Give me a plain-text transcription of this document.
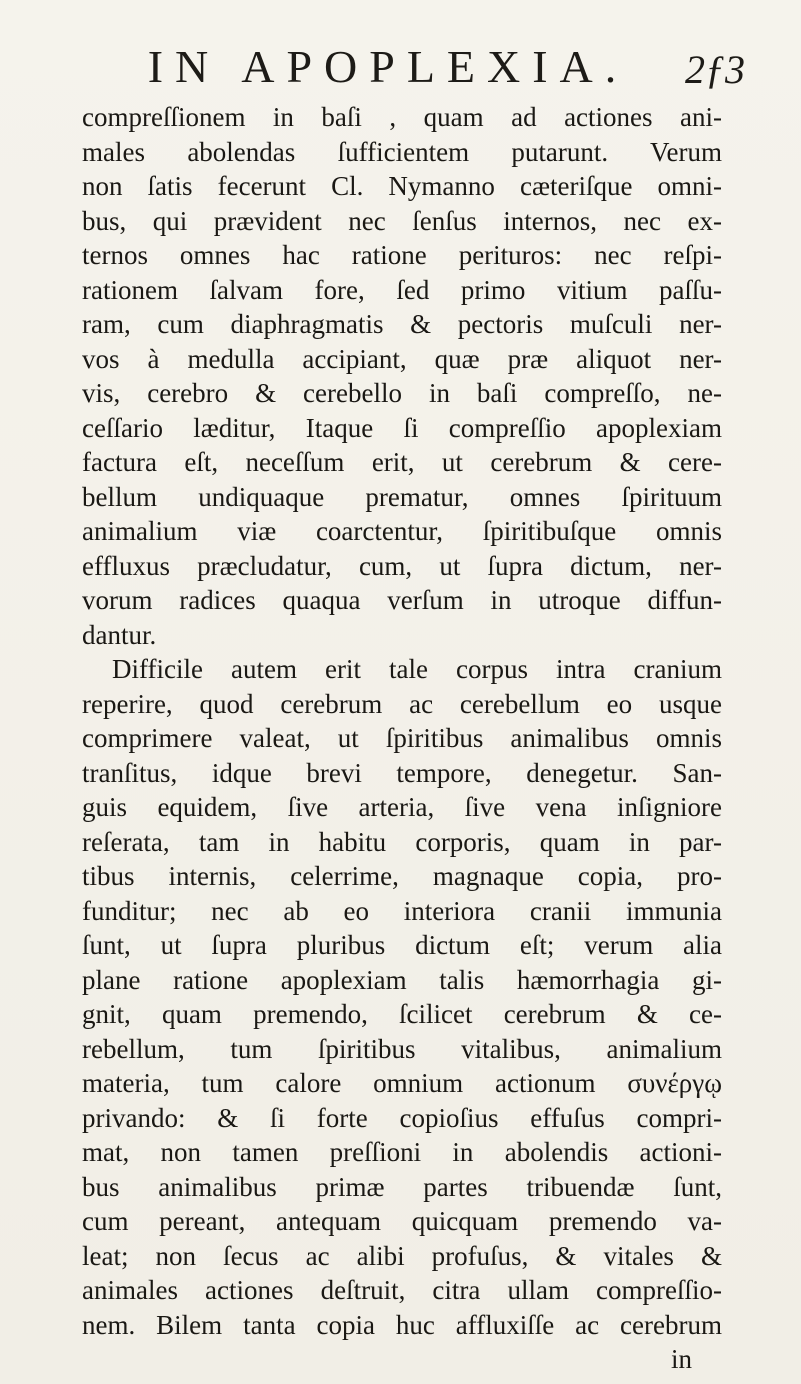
IN APOPLEXIA.	2ƒ3
compreſſionem in baſi , quam ad actiones ani-
males abolendas ſufficientem putarunt. Verum
non ſatis fecerunt Cl. Nymanno cæteriſque omni-
bus, qui prævident nec ſenſus internos, nec ex-
ternos omnes hac ratione perituros: nec reſpi-
rationem ſalvam fore, ſed primo vitium paſſu-
ram, cum diaphragmatis & pectoris muſculi ner-
vos à medulla accipiant, quæ præ aliquot ner-
vis, cerebro & cerebello in baſi compreſſo, ne-
ceſſario læditur, Itaque ſi compreſſio apoplexiam
factura eſt, neceſſum erit, ut cerebrum & cere-
bellum undiquaque prematur, omnes ſpirituum
animalium viæ coarctentur, ſpiritibuſque omnis
effluxus præcludatur, cum, ut ſupra dictum, ner-
vorum radices quaqua verſum in utroque diffun-
dantur.
Difficile autem erit tale corpus intra cranium
reperire, quod cerebrum ac cerebellum eo usque
comprimere valeat, ut ſpiritibus animalibus omnis
tranſitus, idque brevi tempore, denegetur. San-
guis equidem, ſive arteria, ſive vena inſigniore
reſerata, tam in habitu corporis, quam in par-
tibus internis, celerrime, magnaque copia, pro-
funditur; nec ab eo interiora cranii immunia
ſunt, ut ſupra pluribus dictum eſt; verum alia
plane ratione apoplexiam talis hæmorrhagia gi-
gnit, quam premendo, ſcilicet cerebrum & ce-
rebellum, tum ſpiritibus vitalibus, animalium
materia, tum calore omnium actionum συνέργῳ
privando: & ſi forte copioſius effuſus compri-
mat, non tamen preſſioni in abolendis actioni-
bus animalibus primæ partes tribuendæ ſunt,
cum pereant, antequam quicquam premendo va-
leat; non ſecus ac alibi profuſus, & vitales &
animales actiones deſtruit, citra ullam compreſſio-
nem. Bilem tanta copia huc affluxiſſe ac cerebrum
in
